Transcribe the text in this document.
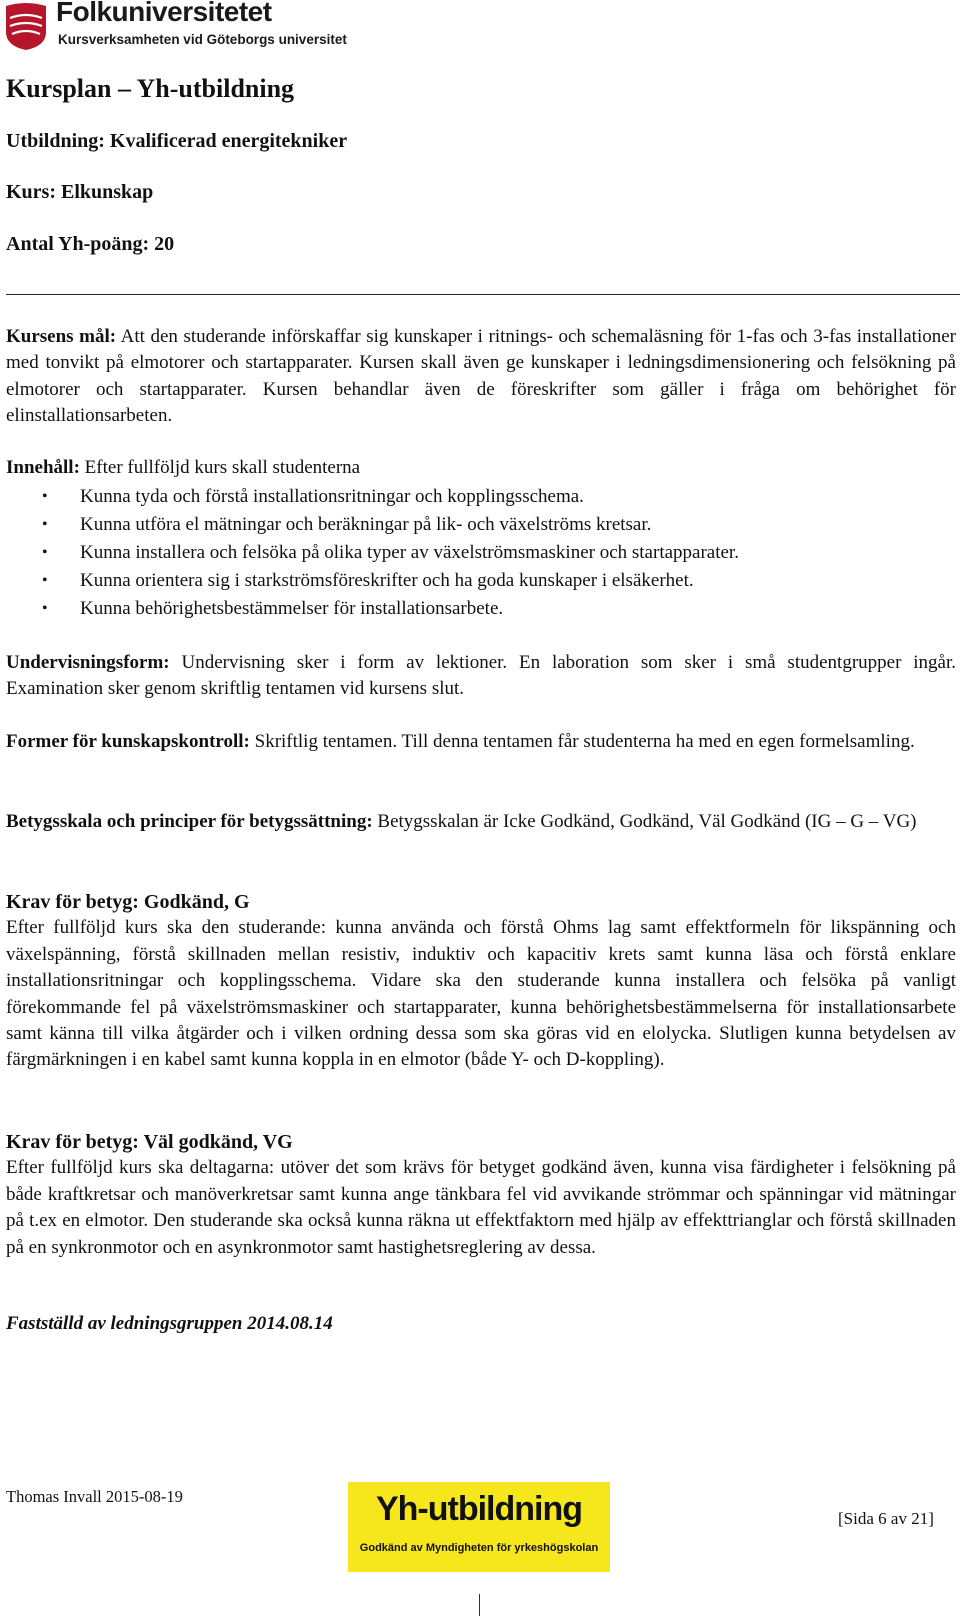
Folkuniversitetet
Kursverksamheten vid Göteborgs universitet
Kursplan – Yh-utbildning
Utbildning: Kvalificerad energitekniker
Kurs: Elkunskap
Antal Yh-poäng: 20
Kursens mål: Att den studerande införskaffar sig kunskaper i ritnings- och schemaläsning för 1-fas och 3-fas installationer med tonvikt på elmotorer och startapparater. Kursen skall även ge kunskaper i ledningsdimensionering och felsökning på elmotorer och startapparater. Kursen behandlar även de föreskrifter som gäller i fråga om behörighet för elinstallationsarbeten.
Innehåll: Efter fullföljd kurs skall studenterna
• Kunna tyda och förstå installationsritningar och kopplingsschema.
• Kunna utföra el mätningar och beräkningar på lik- och växelströms kretsar.
• Kunna installera och felsöka på olika typer av växelströmsmaskiner och startapparater.
• Kunna orientera sig i starkströmsföreskrifter och ha goda kunskaper i elsäkerhet.
• Kunna behörighetsbestämmelser för installationsarbete.
Undervisningsform: Undervisning sker i form av lektioner. En laboration som sker i små studentgrupper ingår. Examination sker genom skriftlig tentamen vid kursens slut.
Former för kunskapskontroll: Skriftlig tentamen. Till denna tentamen får studenterna ha med en egen formelsamling.
Betygsskala och principer för betygssättning: Betygsskalan är Icke Godkänd, Godkänd, Väl Godkänd (IG – G – VG)
Krav för betyg: Godkänd, G
Efter fullföljd kurs ska den studerande: kunna använda och förstå Ohms lag samt effektformeln för likspänning och växelspänning, förstå skillnaden mellan resistiv, induktiv och kapacitiv krets samt kunna läsa och förstå enklare installationsritningar och kopplingsschema. Vidare ska den studerande kunna installera och felsöka på vanligt förekommande fel på växelströmsmaskiner och startapparater, kunna behörighetsbestämmelserna för installationsarbete samt känna till vilka åtgärder och i vilken ordning dessa som ska göras vid en elolycka. Slutligen kunna betydelsen av färgmärkningen i en kabel samt kunna koppla in en elmotor (både Y- och D-koppling).
Krav för betyg: Väl godkänd, VG
Efter fullföljd kurs ska deltagarna: utöver det som krävs för betyget godkänd även, kunna visa färdigheter i felsökning på både kraftkretsar och manöverkretsar samt kunna ange tänkbara fel vid avvikande strömmar och spänningar vid mätningar på t.ex en elmotor. Den studerande ska också kunna räkna ut effektfaktorn med hjälp av effekttrianglar och förstå skillnaden på en synkronmotor och en asynkronmotor samt hastighetsreglering av dessa.
Fastställd av ledningsgruppen 2014.08.14
Thomas Invall 2015-08-19	Yh-utbildning
Godkänd av Myndigheten för yrkeshögskolan
[Sida 6 av 21]
